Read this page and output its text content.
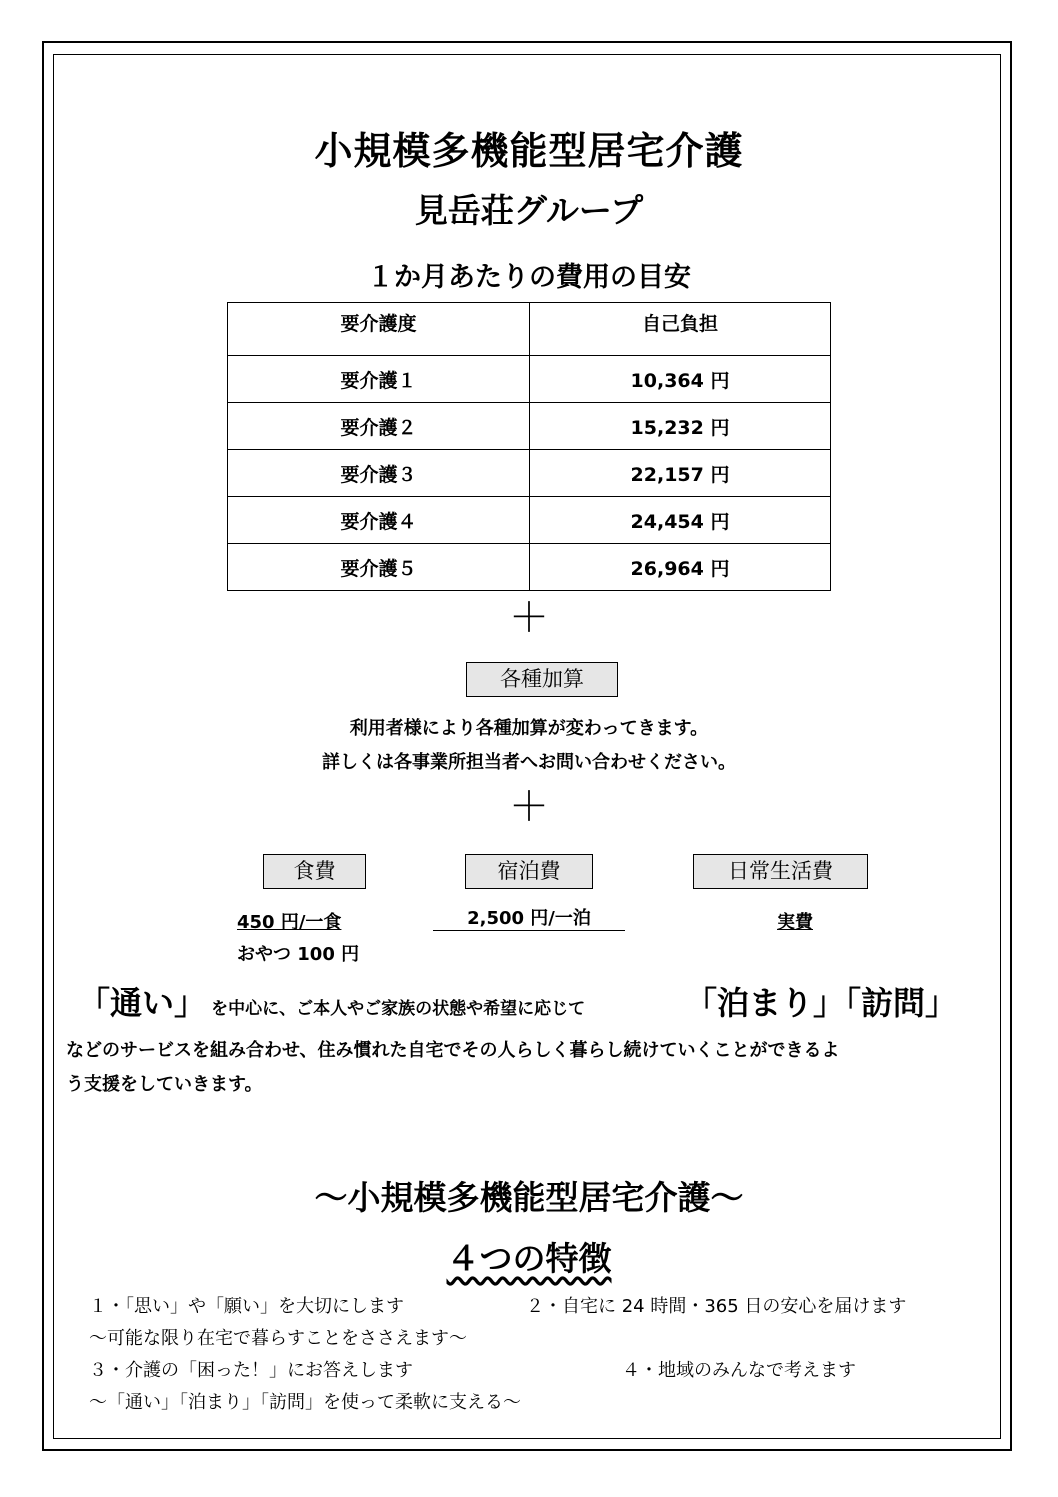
小規模多機能型居宅介護
見岳荘グループ
１か月あたりの費用の目安
要介護度	自己負担
要介護１	10,364 円
要介護２	15,232 円
要介護３	22,157 円
要介護４	24,454 円
要介護５	26,964 円
＋
各種加算
利用者様により各種加算が変わってきます。
詳しくは各事業所担当者へお問い合わせください。
＋
食費	宿泊費	日常生活費
450 円/一食
おやつ 100 円
2,500 円/一泊	実費
「通い」 を中心に、ご本人やご家族の状態や希望に応じて	「泊まり」「訪問」
などのサービスを組み合わせ、住み慣れた自宅でその人らしく暮らし続けていくことができるよ
う支援をしていきます。
～小規模多機能型居宅介護～
４つの特徴
１・「思い」や「願い」を大切にします	２・自宅に 24 時間・365 日の安心を届けます
～可能な限り在宅で暮らすことをささえます～
３・介護の「困った！」にお答えします	４・地域のみんなで考えます
～「通い」「泊まり」「訪問」を使って柔軟に支える～
